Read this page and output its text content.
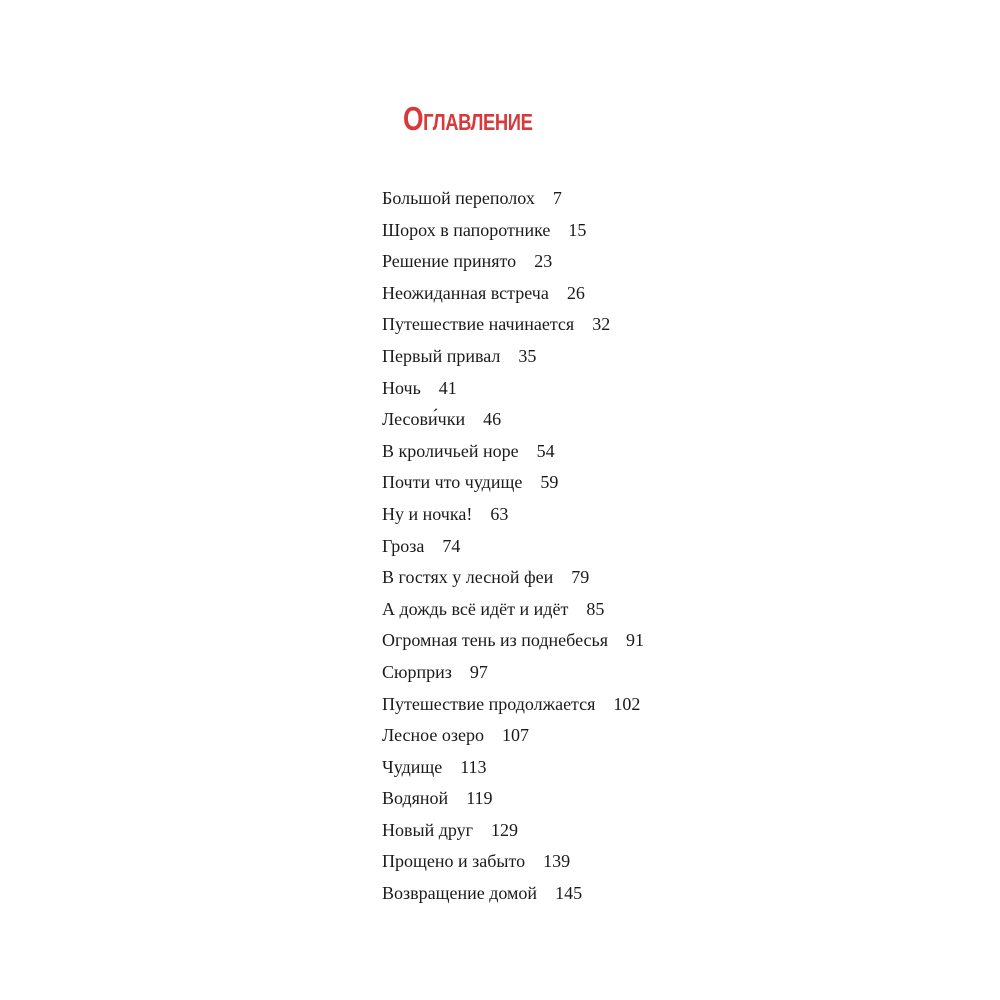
Оглавление
Большой переполох 7
Шорох в папоротнике 15
Решение принято 23
Неожиданная встреча 26
Путешествие начинается 32
Первый привал 35
Ночь 41
Лесови́чки 46
В кроличьей норе 54
Почти что чудище 59
Ну и ночка! 63
Гроза 74
В гостях у лесной феи 79
А дождь всё идёт и идёт 85
Огромная тень из поднебесья 91
Сюрприз 97
Путешествие продолжается 102
Лесное озеро 107
Чудище 113
Водяной 119
Новый друг 129
Прощено и забыто 139
Возвращение домой 145
